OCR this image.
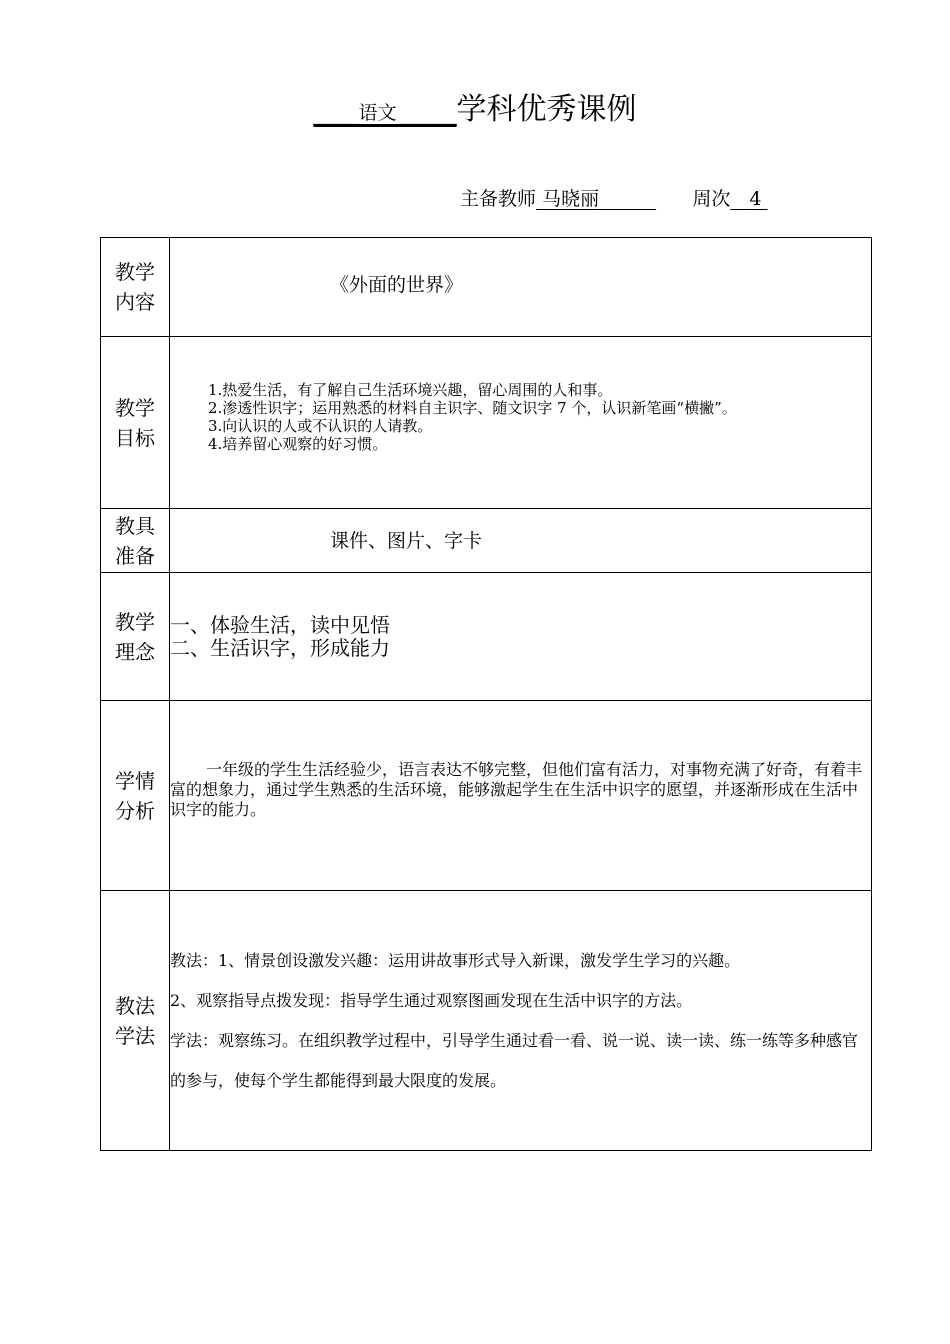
___语文____学科优秀课例
主备教师 马晓丽　　　	周次　 4
教学内容	《外面的世界》

教学目标	1.热爱生活，有了解自己生活环境兴趣，留心周围的人和事。
2.渗透性识字；运用熟悉的材料自主识字、随文识字 7 个，认识新笔画“横撇”。
3.向认识的人或不认识的人请教。
4.培养留心观察的好习惯。

教具准备	课件、图片、字卡

教学理念	一、体验生活，读中见悟
二、生活识字，形成能力

学情分析	一年级的学生生活经验少，语言表达不够完整，但他们富有活力，对事物充满了好奇，有着丰富的想象力，通过学生熟悉的生活环境，能够激起学生在生活中识字的愿望，并逐渐形成在生活中识字的能力。

教法学法	教法：1、情景创设激发兴趣：运用讲故事形式导入新课，激发学生学习的兴趣。

2、观察指导点拨发现：指导学生通过观察图画发现在生活中识字的方法。

学法：观察练习。在组织教学过程中，引导学生通过看一看、说一说、读一读、练一练等多种感官的参与，使每个学生都能得到最大限度的发展。
